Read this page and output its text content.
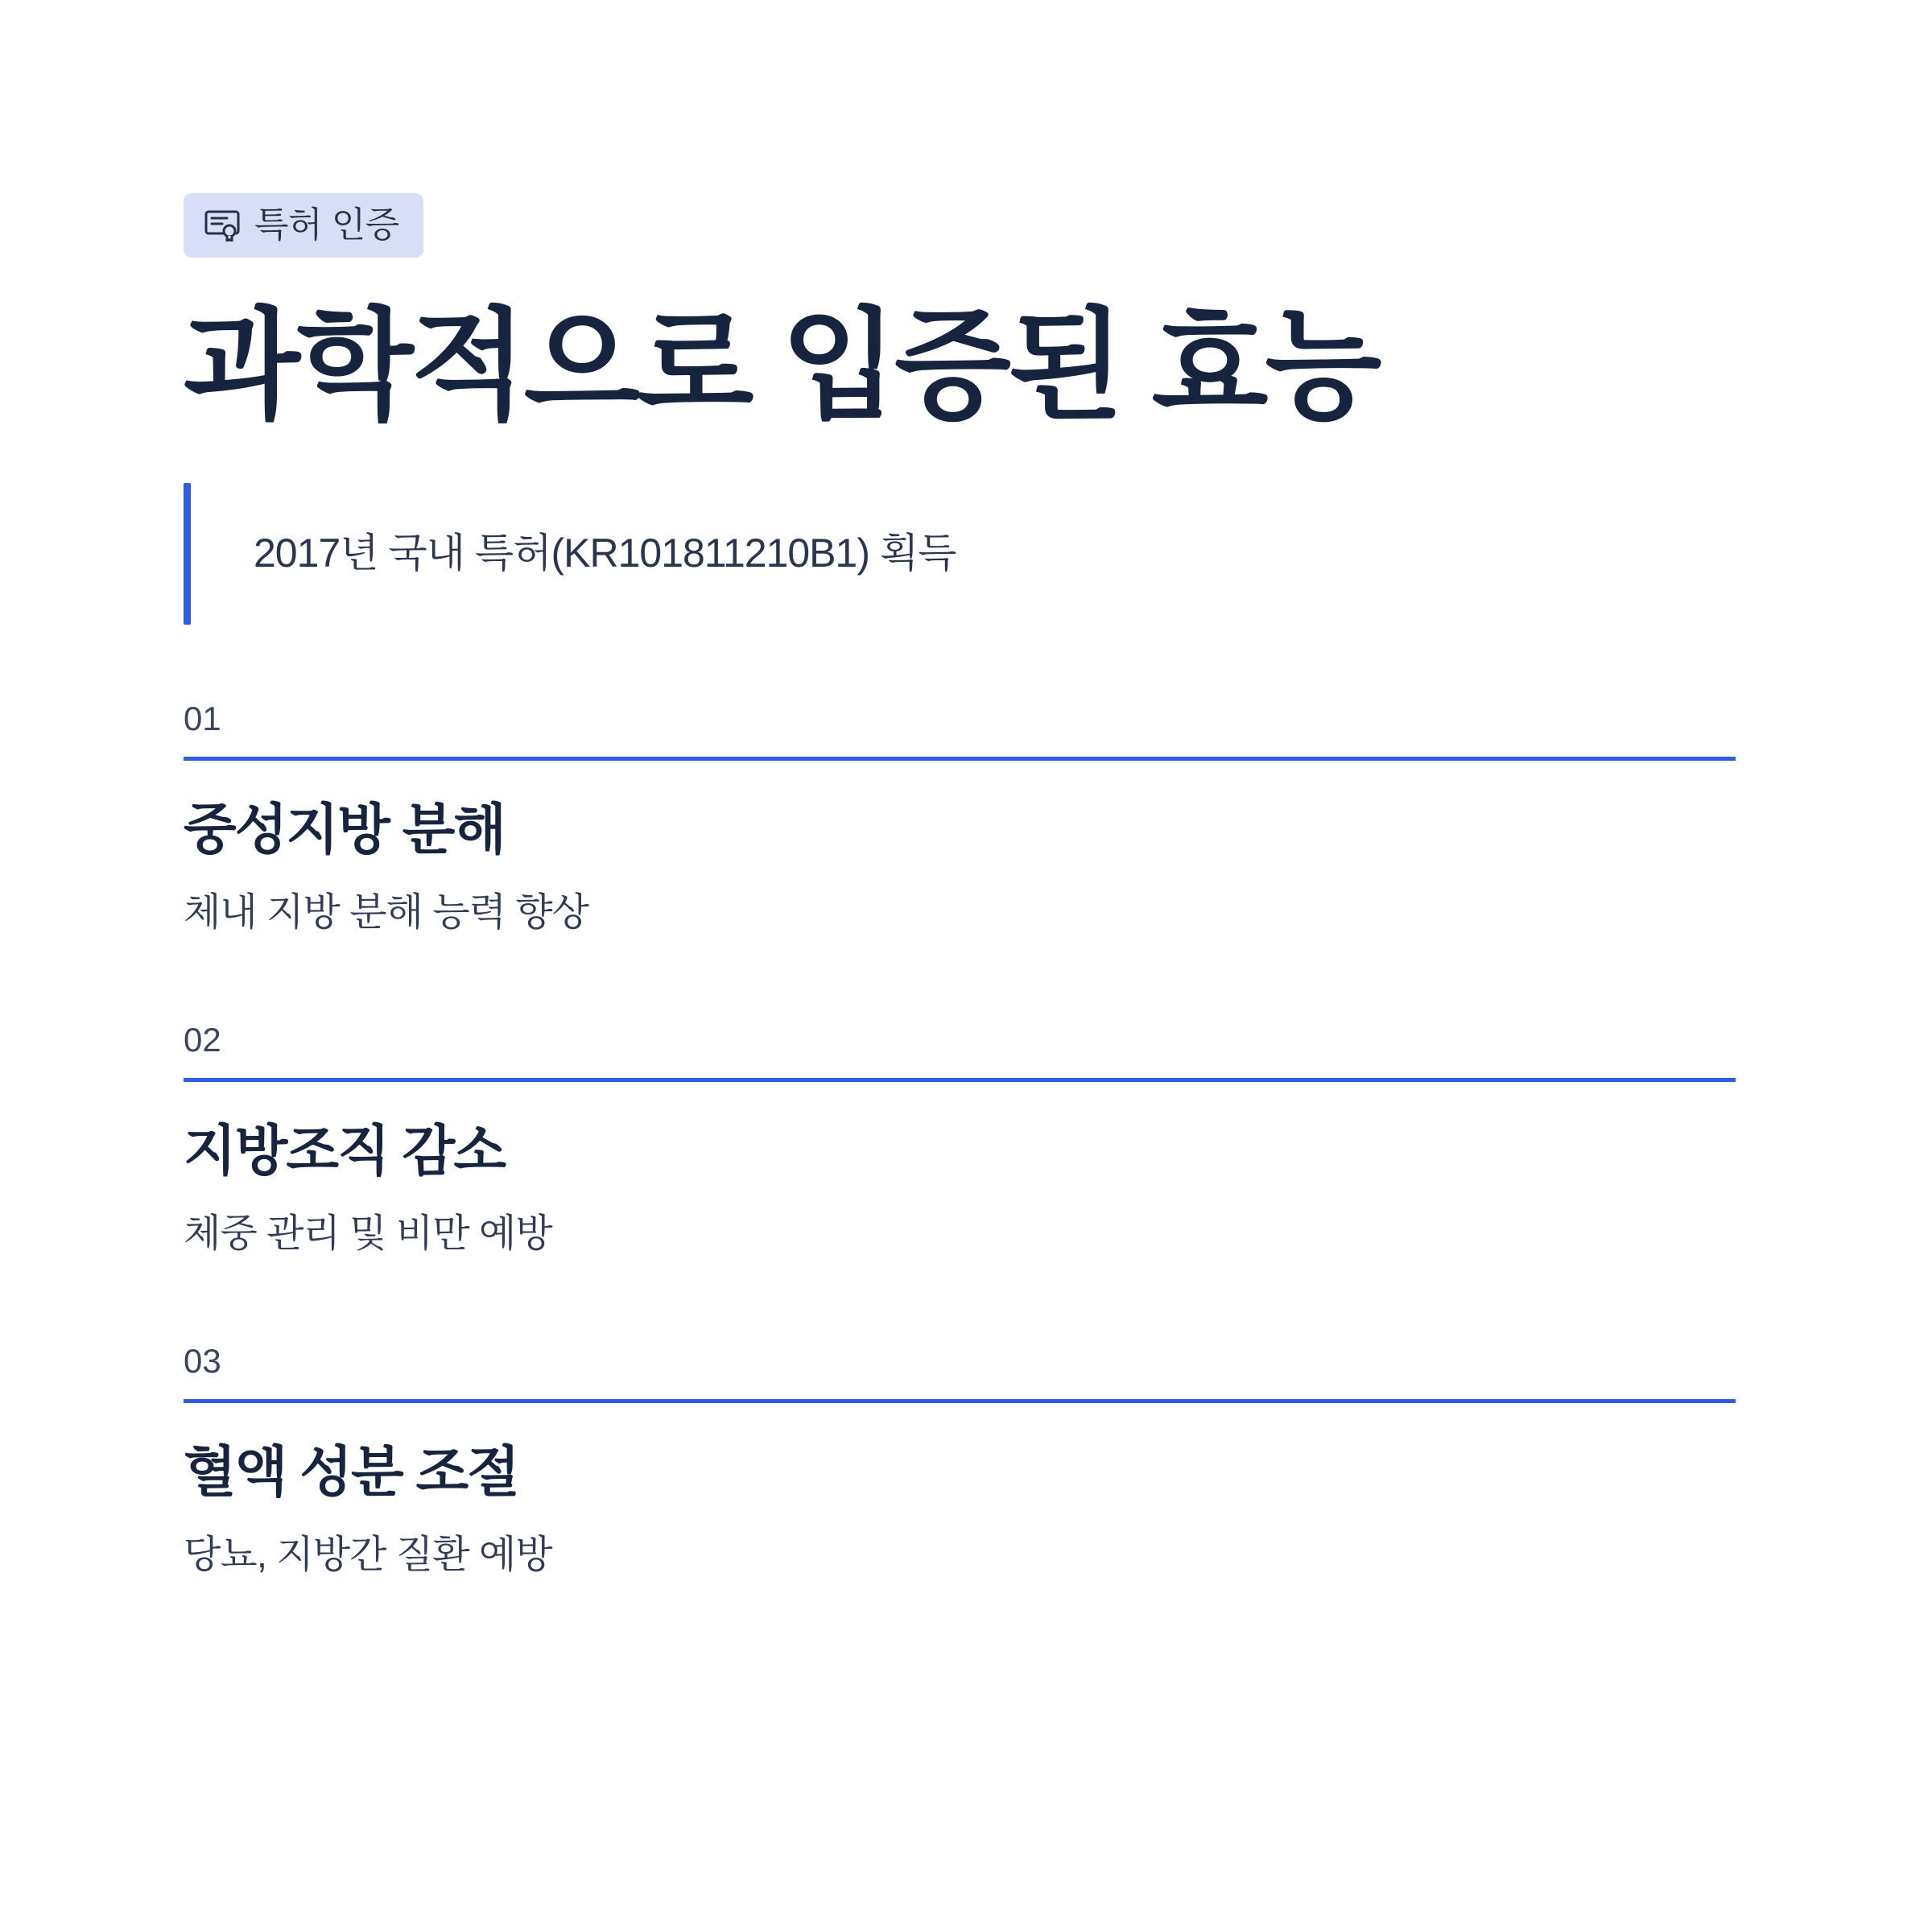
특허 인증
과학적으로 입증된 효능
2017년 국내 특허(KR101811210B1) 획득
01
중성지방 분해
체내 지방 분해 능력 향상
02
지방조직 감소
체중 관리 및 비만 예방
03
혈액 성분 조절
당뇨, 지방간 질환 예방
